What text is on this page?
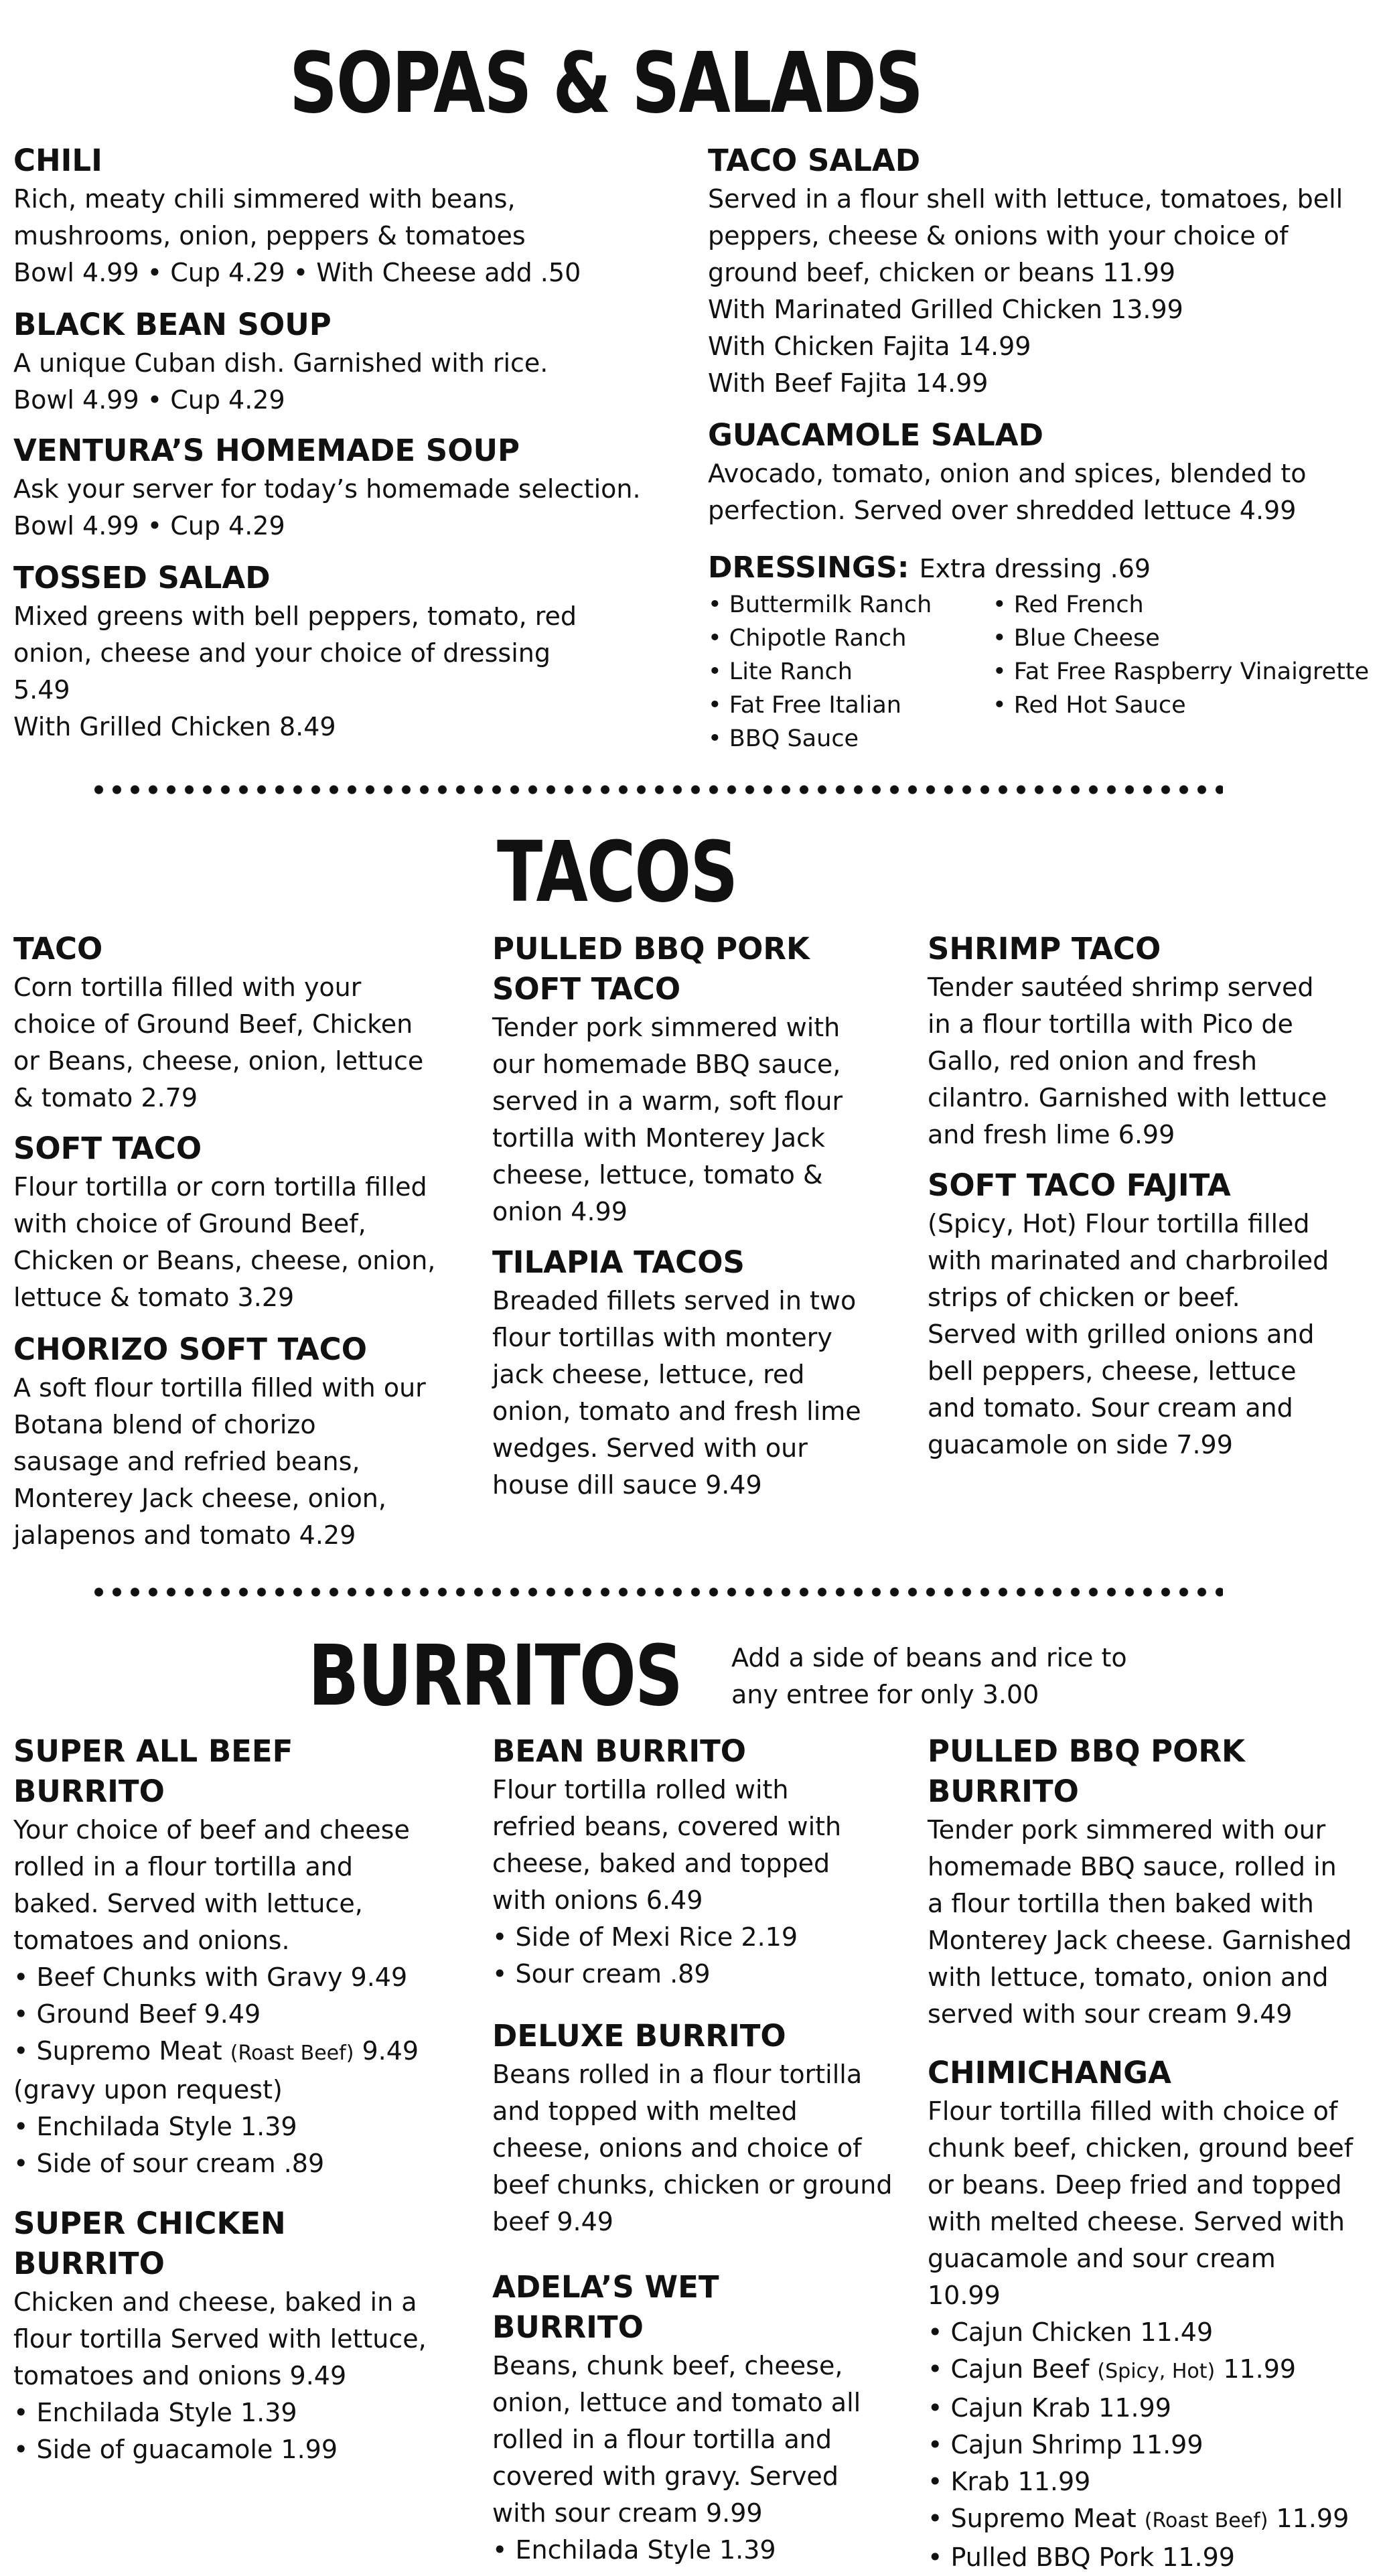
SOPAS & SALADS
CHILI
Rich, meaty chili simmered with beans, mushrooms, onion, peppers & tomatoes
Bowl 4.99 • Cup 4.29 • With Cheese add .50
BLACK BEAN SOUP
A unique Cuban dish. Garnished with rice.
Bowl 4.99 • Cup 4.29
VENTURA’S HOMEMADE SOUP
Ask your server for today’s homemade selection.
Bowl 4.99 • Cup 4.29
TOSSED SALAD
Mixed greens with bell peppers, tomato, red onion, cheese and your choice of dressing 5.49
With Grilled Chicken 8.49
TACO SALAD
Served in a flour shell with lettuce, tomatoes, bell peppers, cheese & onions with your choice of ground beef, chicken or beans 11.99
With Marinated Grilled Chicken 13.99
With Chicken Fajita 14.99
With Beef Fajita 14.99
GUACAMOLE SALAD
Avocado, tomato, onion and spices, blended to perfection. Served over shredded lettuce 4.99
DRESSINGS: Extra dressing .69
• Buttermilk Ranch
• Chipotle Ranch
• Lite Ranch
• Fat Free Italian
• BBQ Sauce
• Red French
• Blue Cheese
• Fat Free Raspberry Vinaigrette
• Red Hot Sauce
TACOS
TACO
Corn tortilla filled with your choice of Ground Beef, Chicken or Beans, cheese, onion, lettuce & tomato 2.79
SOFT TACO
Flour tortilla or corn tortilla filled with choice of Ground Beef, Chicken or Beans, cheese, onion, lettuce & tomato 3.29
CHORIZO SOFT TACO
A soft flour tortilla filled with our Botana blend of chorizo sausage and refried beans, Monterey Jack cheese, onion, jalapenos and tomato 4.29
PULLED BBQ PORK SOFT TACO
Tender pork simmered with our homemade BBQ sauce, served in a warm, soft flour tortilla with Monterey Jack cheese, lettuce, tomato & onion 4.99
TILAPIA TACOS
Breaded fillets served in two flour tortillas with montery jack cheese, lettuce, red onion, tomato and fresh lime wedges. Served with our house dill sauce 9.49
SHRIMP TACO
Tender sautéed shrimp served in a flour tortilla with Pico de Gallo, red onion and fresh cilantro. Garnished with lettuce and fresh lime 6.99
SOFT TACO FAJITA
(Spicy, Hot) Flour tortilla filled with marinated and charbroiled strips of chicken or beef. Served with grilled onions and bell peppers, cheese, lettuce and tomato. Sour cream and guacamole on side 7.99
BURRITOS Add a side of beans and rice to any entree for only 3.00
SUPER ALL BEEF BURRITO
Your choice of beef and cheese rolled in a flour tortilla and baked. Served with lettuce, tomatoes and onions.
• Beef Chunks with Gravy 9.49
• Ground Beef 9.49
• Supremo Meat (Roast Beef) 9.49
(gravy upon request)
• Enchilada Style 1.39
• Side of sour cream .89
SUPER CHICKEN BURRITO
Chicken and cheese, baked in a flour tortilla Served with lettuce, tomatoes and onions 9.49
• Enchilada Style 1.39
• Side of guacamole 1.99
BEAN BURRITO
Flour tortilla rolled with refried beans, covered with cheese, baked and topped with onions 6.49
• Side of Mexi Rice 2.19
• Sour cream .89
DELUXE BURRITO
Beans rolled in a flour tortilla and topped with melted cheese, onions and choice of beef chunks, chicken or ground beef 9.49
ADELA’S WET BURRITO
Beans, chunk beef, cheese, onion, lettuce and tomato all rolled in a flour tortilla and covered with gravy. Served with sour cream 9.99
• Enchilada Style 1.39
PULLED BBQ PORK BURRITO
Tender pork simmered with our homemade BBQ sauce, rolled in a flour tortilla then baked with Monterey Jack cheese. Garnished with lettuce, tomato, onion and served with sour cream 9.49
CHIMICHANGA
Flour tortilla filled with choice of chunk beef, chicken, ground beef or beans. Deep fried and topped with melted cheese. Served with guacamole and sour cream 10.99
• Cajun Chicken 11.49
• Cajun Beef (Spicy, Hot) 11.99
• Cajun Krab 11.99
• Cajun Shrimp 11.99
• Krab 11.99
• Supremo Meat (Roast Beef) 11.99
• Pulled BBQ Pork 11.99
